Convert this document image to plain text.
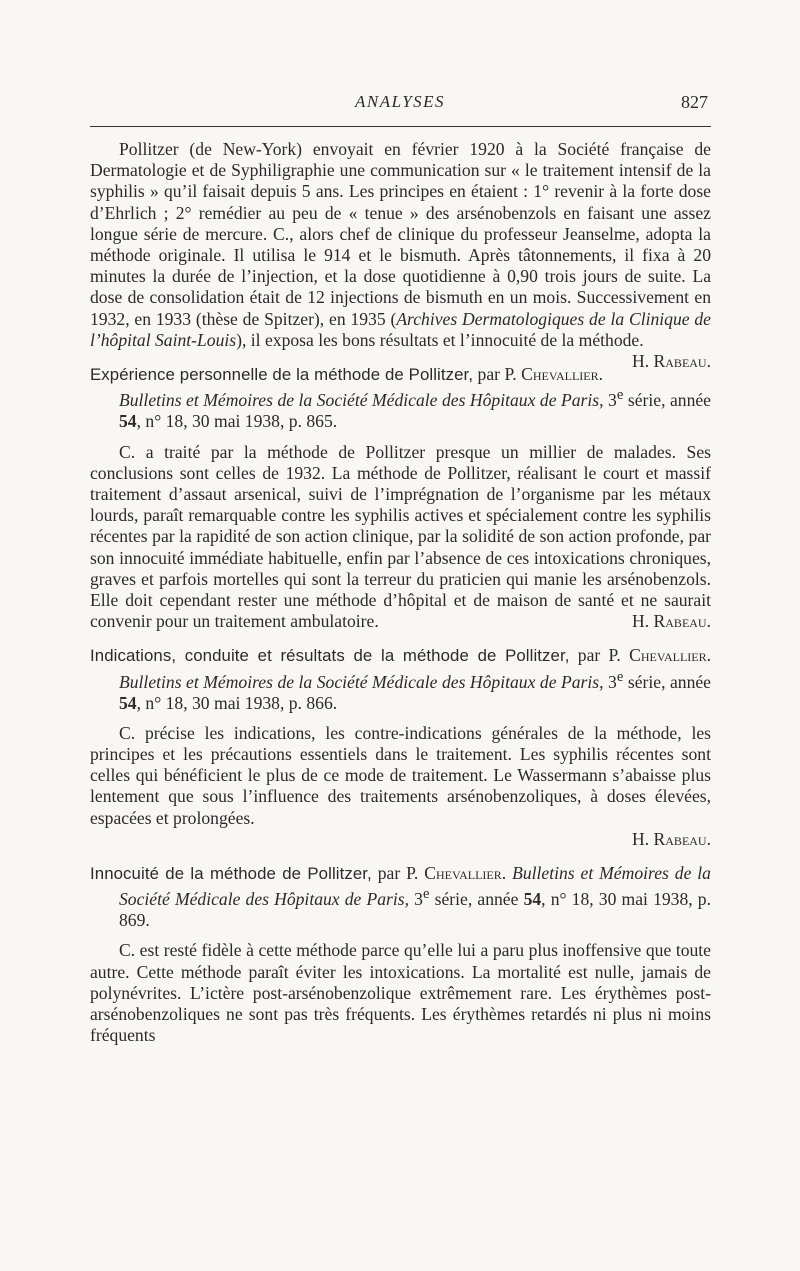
ANALYSES	827

Pollitzer (de New-York) envoyait en février 1920 à la Société française de Dermatologie et de Syphiligraphie une communication sur « le traitement intensif de la syphilis » qu’il faisait depuis 5 ans. Les principes en étaient : 1° revenir à la forte dose d’Ehrlich ; 2° remédier au peu de « tenue » des arsénobenzols en faisant une assez longue série de mercure. C., alors chef de clinique du professeur Jeanselme, adopta la méthode originale. Il utilisa le 914 et le bismuth. Après tâtonnements, il fixa à 20 minutes la durée de l’injection, et la dose quotidienne à 0,90 trois jours de suite. La dose de consolidation était de 12 injections de bismuth en un mois. Successivement en 1932, en 1933 (thèse de Spitzer), en 1935 (Archives Dermatologiques de la Clinique de l’hôpital Saint-Louis), il exposa les bons résultats et l’innocuité de la méthode.
H. Rabeau.

Expérience personnelle de la méthode de Pollitzer, par P. Chevallier. Bulletins et Mémoires de la Société Médicale des Hôpitaux de Paris, 3e série, année 54, n° 18, 30 mai 1938, p. 865.

C. a traité par la méthode de Pollitzer presque un millier de malades. Ses conclusions sont celles de 1932. La méthode de Pollitzer, réalisant le court et massif traitement d’assaut arsenical, suivi de l’imprégnation de l’organisme par les métaux lourds, paraît remarquable contre les syphilis actives et spécialement contre les syphilis récentes par la rapidité de son action clinique, par la solidité de son action profonde, par son innocuité immédiate habituelle, enfin par l’absence de ces intoxications chroniques, graves et parfois mortelles qui sont la terreur du praticien qui manie les arsénobenzols. Elle doit cependant rester une méthode d’hôpital et de maison de santé et ne saurait convenir pour un traitement ambulatoire.	H. Rabeau.

Indications, conduite et résultats de la méthode de Pollitzer, par P. Chevallier. Bulletins et Mémoires de la Société Médicale des Hôpitaux de Paris, 3e série, année 54, n° 18, 30 mai 1938, p. 866.

C. précise les indications, les contre-indications générales de la méthode, les principes et les précautions essentiels dans le traitement. Les syphilis récentes sont celles qui bénéficient le plus de ce mode de traitement. Le Wassermann s’abaisse plus lentement que sous l’influence des traitements arsénobenzoliques, à doses élevées, espacées et prolongées.

H. Rabeau.

Innocuité de la méthode de Pollitzer, par P. Chevallier. Bulletins et Mémoires de la Société Médicale des Hôpitaux de Paris, 3e série, année 54, n° 18, 30 mai 1938, p. 869.

C. est resté fidèle à cette méthode parce qu’elle lui a paru plus inoffensive que toute autre. Cette méthode paraît éviter les intoxications. La mortalité est nulle, jamais de polynévrites. L’ictère post-arsénobenzolique extrêmement rare. Les érythèmes post-arsénobenzoliques ne sont pas très fréquents. Les érythèmes retardés ni plus ni moins fréquents
